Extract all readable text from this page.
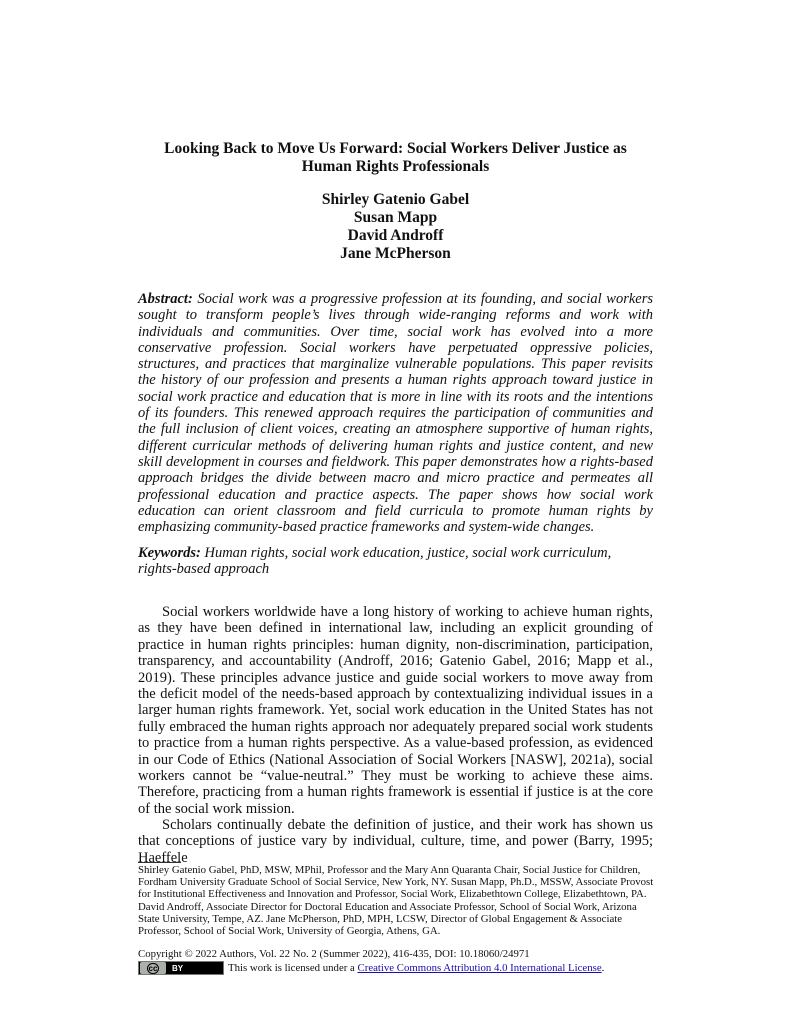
Looking Back to Move Us Forward: Social Workers Deliver Justice as
Human Rights Professionals
Shirley Gatenio Gabel
Susan Mapp
David Androff
Jane McPherson
Abstract: Social work was a progressive profession at its founding, and social workers sought to transform people’s lives through wide-ranging reforms and work with individuals and communities. Over time, social work has evolved into a more conservative profession. Social workers have perpetuated oppressive policies, structures, and practices that marginalize vulnerable populations. This paper revisits the history of our profession and presents a human rights approach toward justice in social work practice and education that is more in line with its roots and the intentions of its founders. This renewed approach requires the participation of communities and the full inclusion of client voices, creating an atmosphere supportive of human rights, different curricular methods of delivering human rights and justice content, and new skill development in courses and fieldwork. This paper demonstrates how a rights-based approach bridges the divide between macro and micro practice and permeates all professional education and practice aspects. The paper shows how social work education can orient classroom and field curricula to promote human rights by emphasizing community-based practice frameworks and system-wide changes.
Keywords: Human rights, social work education, justice, social work curriculum, rights-based approach

Social workers worldwide have a long history of working to achieve human rights, as they have been defined in international law, including an explicit grounding of practice in human rights principles: human dignity, non-discrimination, participation, transparency, and accountability (Androff, 2016; Gatenio Gabel, 2016; Mapp et al., 2019). These principles advance justice and guide social workers to move away from the deficit model of the needs-based approach by contextualizing individual issues in a larger human rights framework. Yet, social work education in the United States has not fully embraced the human rights approach nor adequately prepared social work students to practice from a human rights perspective. As a value-based profession, as evidenced in our Code of Ethics (National Association of Social Workers [NASW], 2021a), social workers cannot be “value-neutral.” They must be working to achieve these aims. Therefore, practicing from a human rights framework is essential if justice is at the core of the social work mission.

Scholars continually debate the definition of justice, and their work has shown us that conceptions of justice vary by individual, culture, time, and power (Barry, 1995; Haeffele

Shirley Gatenio Gabel, PhD, MSW, MPhil, Professor and the Mary Ann Quaranta Chair, Social Justice for Children, Fordham University Graduate School of Social Service, New York, NY. Susan Mapp, Ph.D., MSSW, Associate Provost for Institutional Effectiveness and Innovation and Professor, Social Work, Elizabethtown College, Elizabethtown, PA. David Androff, Associate Director for Doctoral Education and Associate Professor, School of Social Work, Arizona State University, Tempe, AZ. Jane McPherson, PhD, MPH, LCSW, Director of Global Engagement & Associate Professor, School of Social Work, University of Georgia, Athens, GA.
Copyright © 2022 Authors, Vol. 22 No. 2 (Summer 2022), 416-435, DOI: 10.18060/24971
cc BY	This work is licensed under a Creative Commons Attribution 4.0 International License.
